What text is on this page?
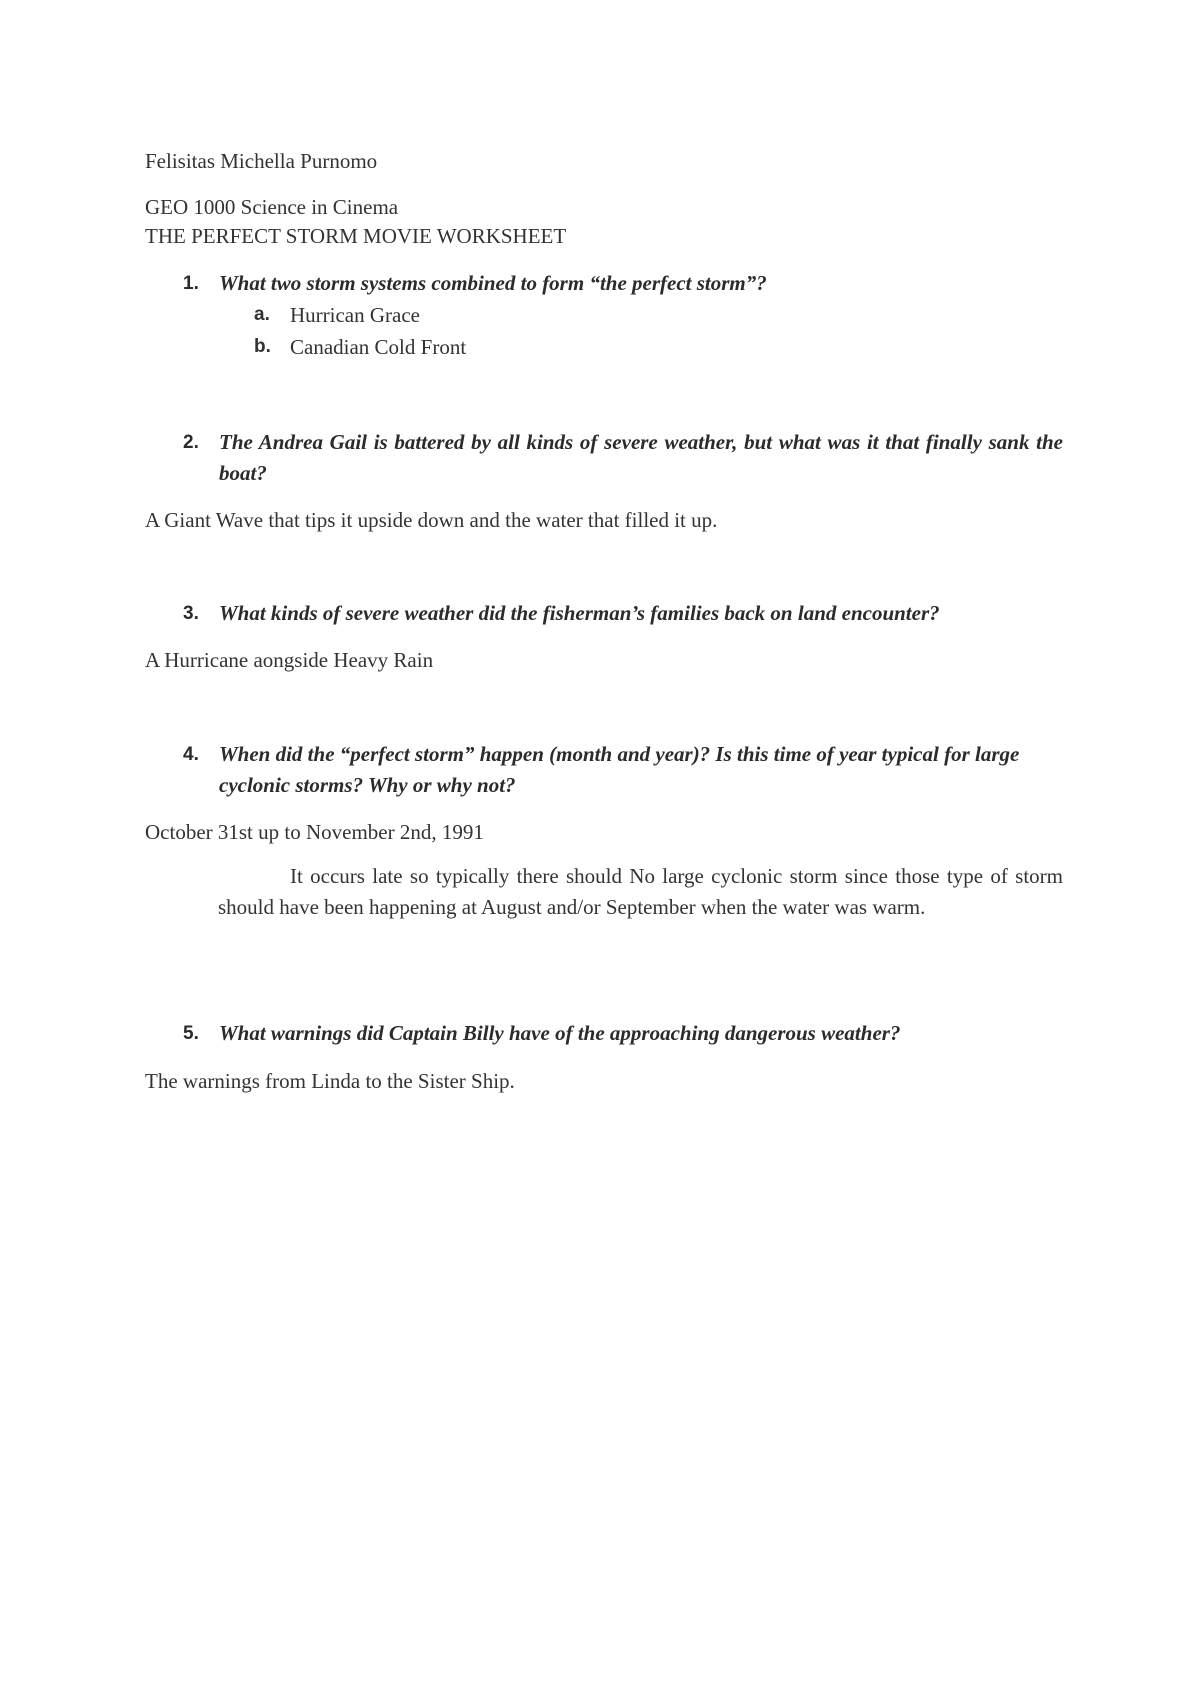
Felisitas Michella Purnomo
GEO 1000 Science in Cinema
THE PERFECT STORM MOVIE WORKSHEET
1. What two storm systems combined to form “the perfect storm”?
a. Hurrican Grace
b. Canadian Cold Front
2. The Andrea Gail is battered by all kinds of severe weather, but what was it that finally sank the boat?
A Giant Wave that tips it upside down and the water that filled it up.
3. What kinds of severe weather did the fisherman’s families back on land encounter?
A Hurricane aongside Heavy Rain
4. When did the “perfect storm” happen (month and year)? Is this time of year typical for large cyclonic storms? Why or why not?
October 31st up to November 2nd, 1991
It occurs late so typically there should No large cyclonic storm since those type of storm should have been happening at August and/or September when the water was warm.
5. What warnings did Captain Billy have of the approaching dangerous weather?
The warnings from Linda to the Sister Ship.
